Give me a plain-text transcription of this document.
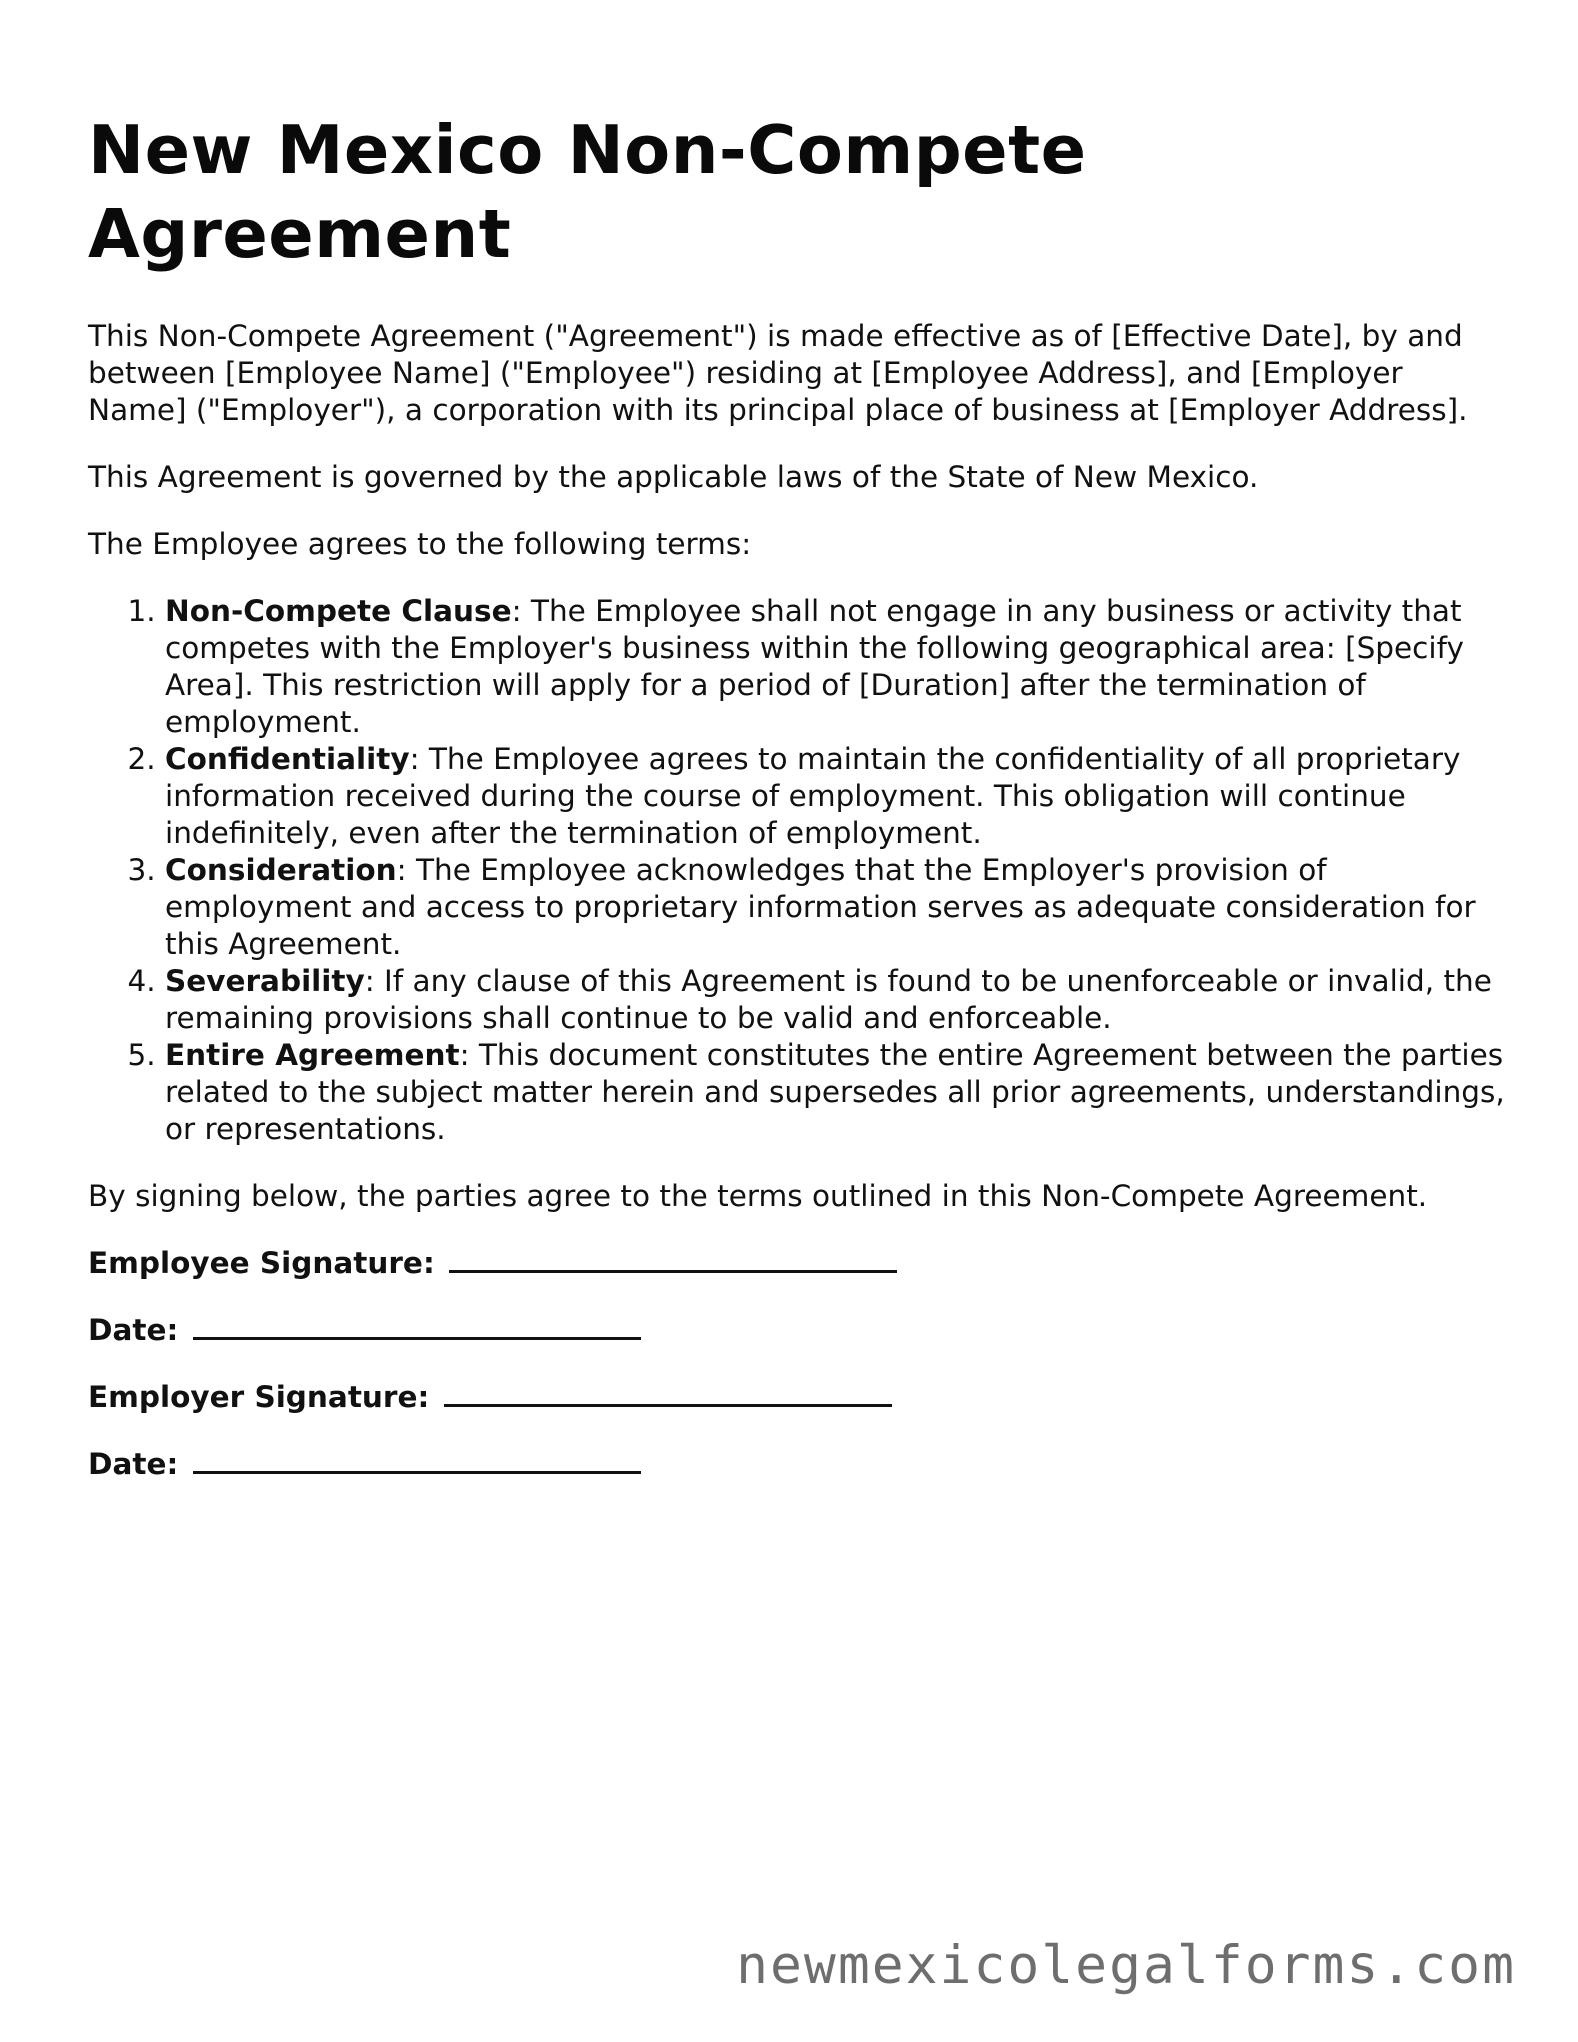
New Mexico Non-Compete Agreement

This Non-Compete Agreement ("Agreement") is made effective as of [Effective Date], by and between [Employee Name] ("Employee") residing at [Employee Address], and [Employer Name] ("Employer"), a corporation with its principal place of business at [Employer Address].

This Agreement is governed by the applicable laws of the State of New Mexico.

The Employee agrees to the following terms:

1. Non-Compete Clause: The Employee shall not engage in any business or activity that competes with the Employer's business within the following geographical area: [Specify Area]. This restriction will apply for a period of [Duration] after the termination of employment.
2. Confidentiality: The Employee agrees to maintain the confidentiality of all proprietary information received during the course of employment. This obligation will continue indefinitely, even after the termination of employment.
3. Consideration: The Employee acknowledges that the Employer's provision of employment and access to proprietary information serves as adequate consideration for this Agreement.
4. Severability: If any clause of this Agreement is found to be unenforceable or invalid, the remaining provisions shall continue to be valid and enforceable.
5. Entire Agreement: This document constitutes the entire Agreement between the parties related to the subject matter herein and supersedes all prior agreements, understandings, or representations.

By signing below, the parties agree to the terms outlined in this Non-Compete Agreement.

Employee Signature:
Date:
Employer Signature:
Date:
newmexicolegalforms.com
